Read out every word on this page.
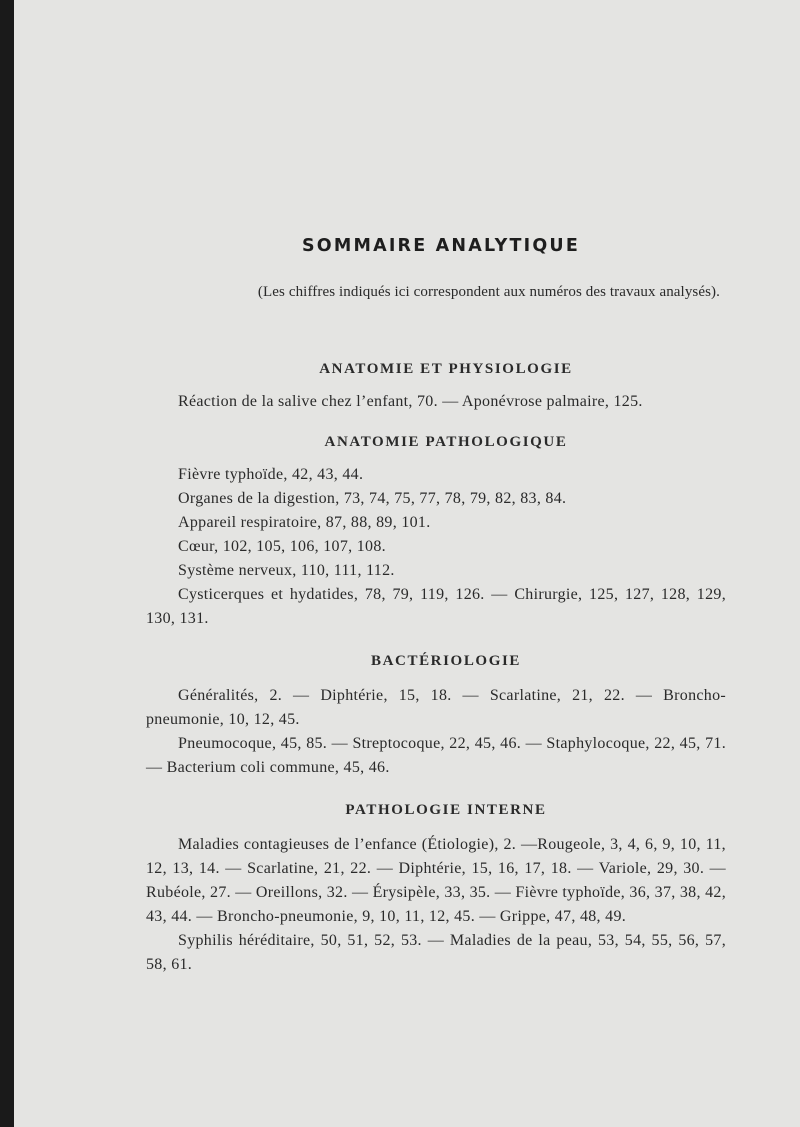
SOMMAIRE ANALYTIQUE

(Les chiffres indiqués ici correspondent aux numéros des travaux analysés).

ANATOMIE ET PHYSIOLOGIE

Réaction de la salive chez l’enfant, 70. — Aponévrose palmaire, 125.

ANATOMIE PATHOLOGIQUE

Fièvre typhoïde, 42, 43, 44.

Organes de la digestion, 73, 74, 75, 77, 78, 79, 82, 83, 84.

Appareil respiratoire, 87, 88, 89, 101.

Cœur, 102, 105, 106, 107, 108.

Système nerveux, 110, 111, 112.

Cysticerques et hydatides, 78, 79, 119, 126. — Chirurgie, 125, 127, 128, 129, 130, 131.

BACTÉRIOLOGIE

Généralités, 2. — Diphtérie, 15, 18. — Scarlatine, 21, 22. — Broncho-pneumonie, 10, 12, 45.

Pneumocoque, 45, 85. — Streptocoque, 22, 45, 46. — Staphylocoque, 22, 45, 71. — Bacterium coli commune, 45, 46.

PATHOLOGIE INTERNE

Maladies contagieuses de l’enfance (Étiologie), 2. —Rougeole, 3, 4, 6, 9, 10, 11, 12, 13, 14. — Scarlatine, 21, 22. — Diphtérie, 15, 16, 17, 18. — Variole, 29, 30. — Rubéole, 27. — Oreillons, 32. — Érysipèle, 33, 35. — Fièvre typhoïde, 36, 37, 38, 42, 43, 44. — Broncho-pneumonie, 9, 10, 11, 12, 45. — Grippe, 47, 48, 49.

Syphilis héréditaire, 50, 51, 52, 53. — Maladies de la peau, 53, 54, 55, 56, 57, 58, 61.
